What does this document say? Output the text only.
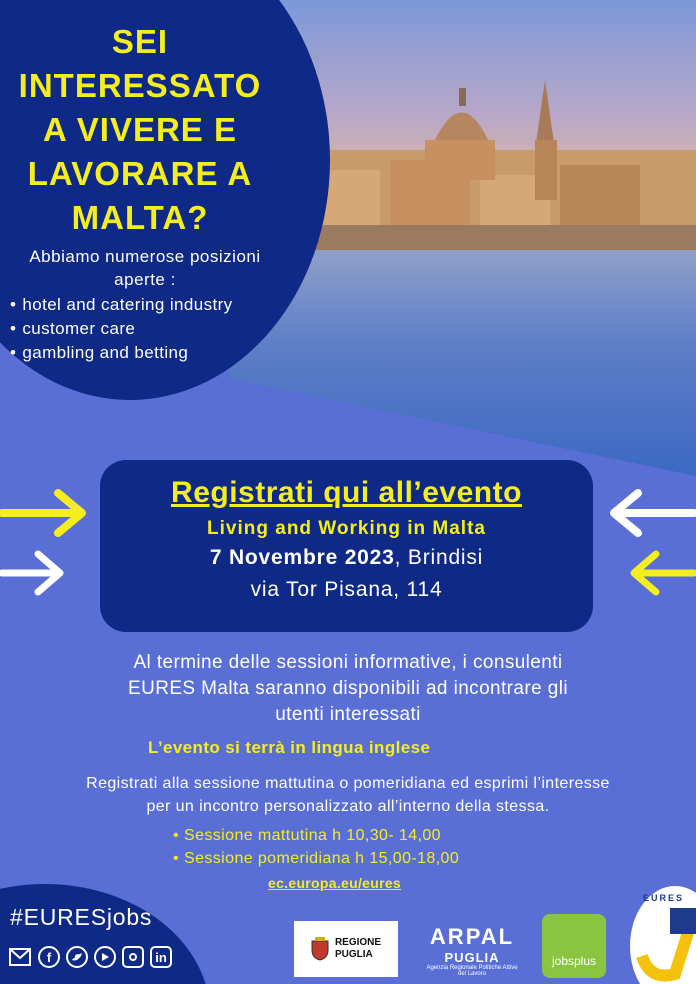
SEI
INTERESSATO
A VIVERE E
LAVORARE A
MALTA?
Abbiamo numerose posizioni
aperte :
• hotel and catering industry
• customer care
• gambling and betting
Registrati qui all’evento
Living and Working in Malta
7 Novembre 2023, Brindisi
via Tor Pisana, 114
Al termine delle sessioni informative, i consulenti
EURES Malta saranno disponibili ad incontrare gli
utenti interessati
L’evento si terrà in lingua inglese
Registrati alla sessione mattutina o pomeridiana ed esprimi l’interesse
per un incontro personalizzato all’interno della stessa.
• Sessione mattutina h 10,30- 14,00
• Sessione pomeridiana h 15,00-18,00
ec.europa.eu/eures
#EURESjobs
f	in
REGIONE
PUGLIA
ARPAL
PUGLIA
Agenzia Regionale Politiche Attive del Lavoro
jobsplus
EURES
